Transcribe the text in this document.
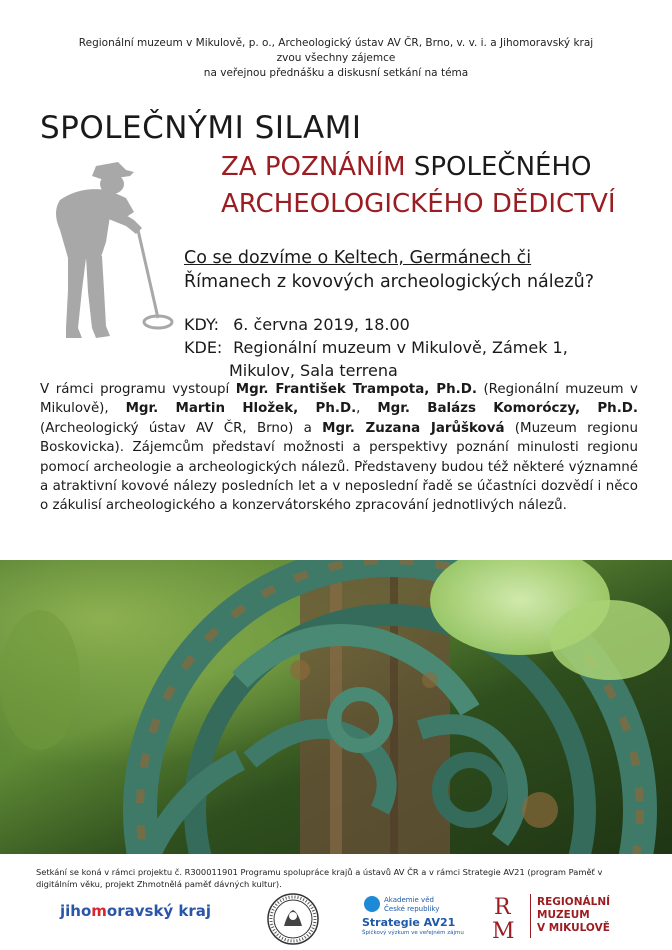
Regionální muzeum v Mikulově, p. o., Archeologický ústav AV ČR, Brno, v. v. i. a Jihomoravský kraj
zvou všechny zájemce
na veřejnou přednášku a diskusní setkání na téma
SPOLEČNÝMI SILAMI
ZA POZNÁNÍM SPOLEČNÉHO
ARCHEOLOGICKÉHO DĚDICTVÍ
Co se dozvíme o Keltech, Germánech či
Římanech z kovových archeologických nálezů?
KDY: 6. června 2019, 18.00
KDE: Regionální muzeum v Mikulově, Zámek 1,
Mikulov, Sala terrena
V rámci programu vystoupí Mgr. František Trampota, Ph.D. (Regionální muzeum v Mikulově), Mgr. Martin Hložek, Ph.D., Mgr. Balázs Komoróczy, Ph.D. (Archeologický ústav AV ČR, Brno) a Mgr. Zuzana Jarůšková (Muzeum regionu Boskovicka). Zájemcům představí možnosti a perspektivy poznání minulosti regionu pomocí archeologie a archeologických nálezů. Představeny budou též některé významné a atraktivní kovové nálezy posledních let a v neposlední řadě se účastníci dozvědí i něco o zákulisí archeologického a konzervátorského zpracování jednotlivých nálezů.
Setkání se koná v rámci projektu č. R300011901 Programu spolupráce krajů a ústavů AV ČR a v rámci Strategie AV21 (program Paměť v digitálním věku, projekt Zhmotnělá paměť dávných kultur).
jihomoravský kraj
Akademie věd
České republiky
Strategie AV21
Špičkový výzkum ve veřejném zájmu
R
M
REGIONÁLNÍ
MUZEUM
V MIKULOVĚ
